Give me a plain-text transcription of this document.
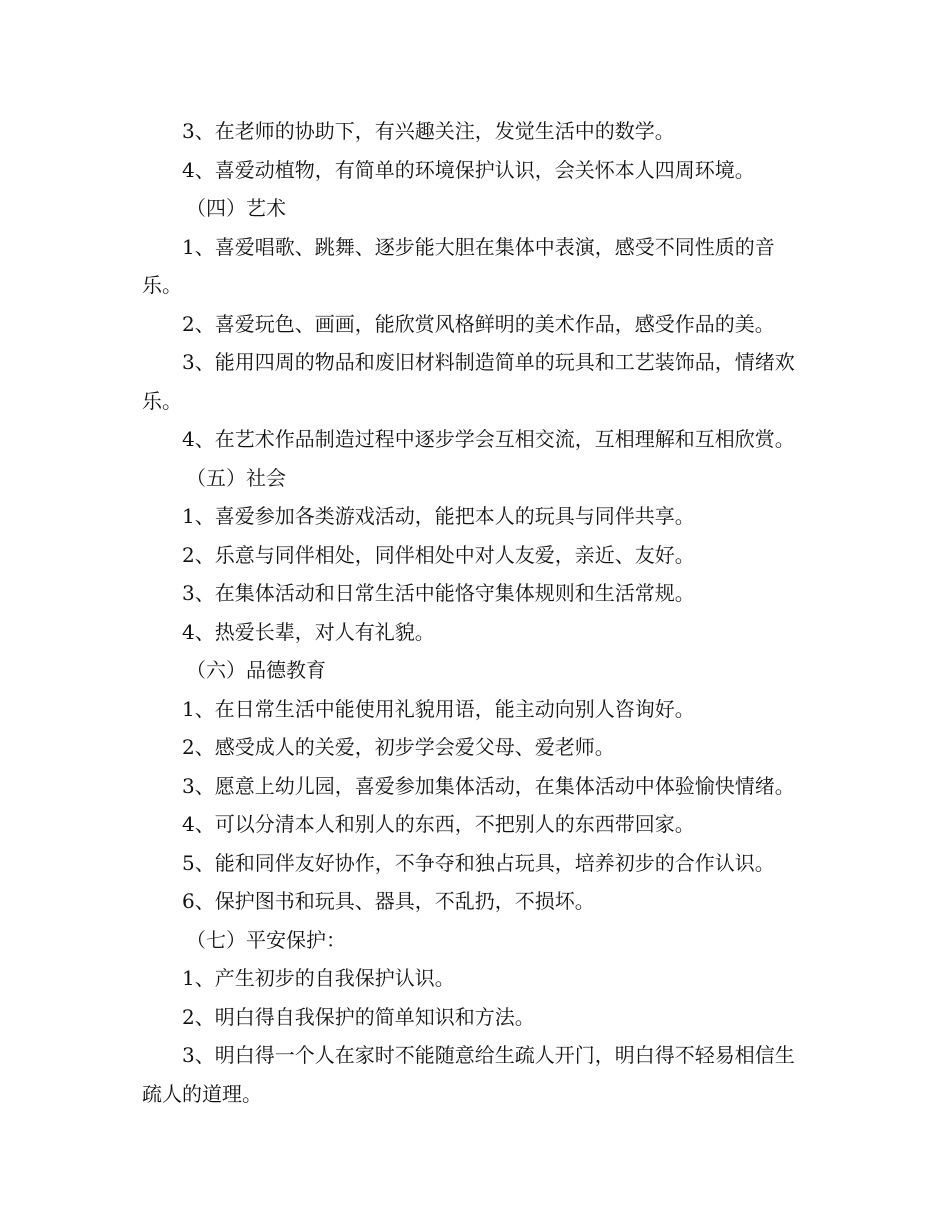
3、在老师的协助下，有兴趣关注，发觉生活中的数学。

4、喜爱动植物，有简单的环境保护认识，会关怀本人四周环境。

（四）艺术

1、喜爱唱歌、跳舞、逐步能大胆在集体中表演，感受不同性质的音乐。

2、喜爱玩色、画画，能欣赏风格鲜明的美术作品，感受作品的美。

3、能用四周的物品和废旧材料制造简单的玩具和工艺装饰品，情绪欢乐。

4、在艺术作品制造过程中逐步学会互相交流，互相理解和互相欣赏。

（五）社会

1、喜爱参加各类游戏活动，能把本人的玩具与同伴共享。

2、乐意与同伴相处，同伴相处中对人友爱，亲近、友好。

3、在集体活动和日常生活中能恪守集体规则和生活常规。

4、热爱长辈，对人有礼貌。

（六）品德教育

1、在日常生活中能使用礼貌用语，能主动向别人咨询好。

2、感受成人的关爱，初步学会爱父母、爱老师。

3、愿意上幼儿园，喜爱参加集体活动，在集体活动中体验愉快情绪。

4、可以分清本人和别人的东西，不把别人的东西带回家。

5、能和同伴友好协作，不争夺和独占玩具，培养初步的合作认识。

6、保护图书和玩具、器具，不乱扔，不损坏。

（七）平安保护：

1、产生初步的自我保护认识。

2、明白得自我保护的简单知识和方法。

3、明白得一个人在家时不能随意给生疏人开门，明白得不轻易相信生疏人的道理。
